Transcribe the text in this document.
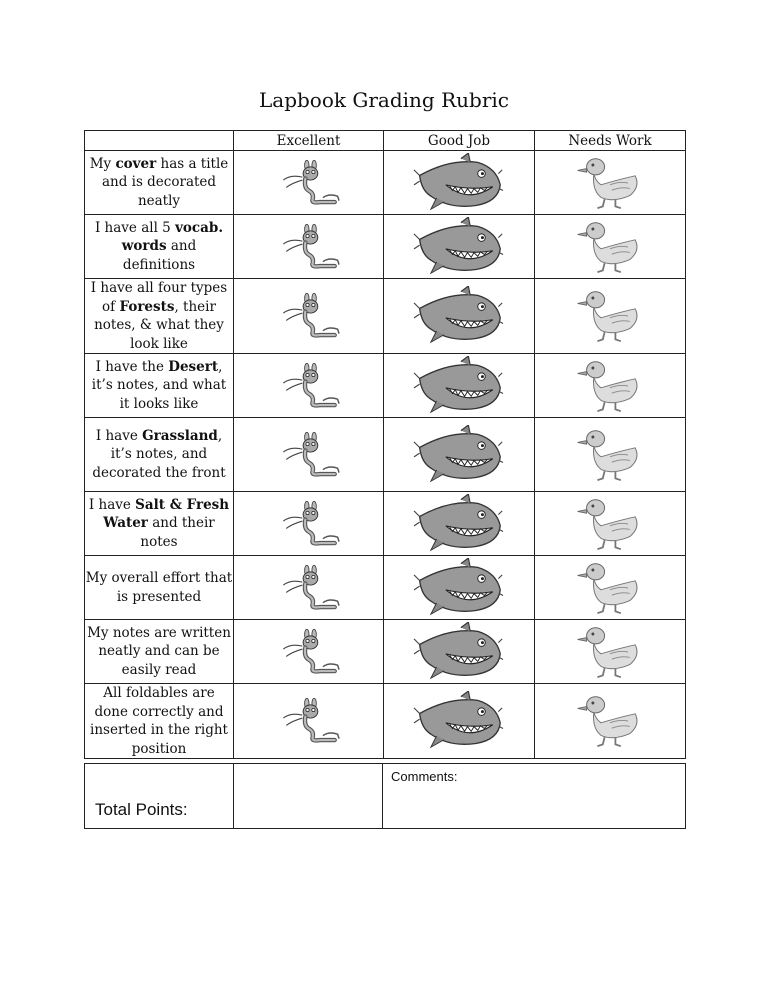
Lapbook Grading Rubric
	Excellent	Good Job	Needs Work
My cover has a title and is decorated neatly	

I have all 5 vocab. words and definitions	

I have all four types of Forests, their notes, & what they look like	

I have the Desert, it’s notes, and what it looks like	

I have Grassland, it’s notes, and decorated the front	

I have Salt & Fresh Water and their notes	

My overall effort that is presented	

My notes are written neatly and can be easily read	

All foldables are done correctly and inserted in the right position	

Total Points:

Comments:
